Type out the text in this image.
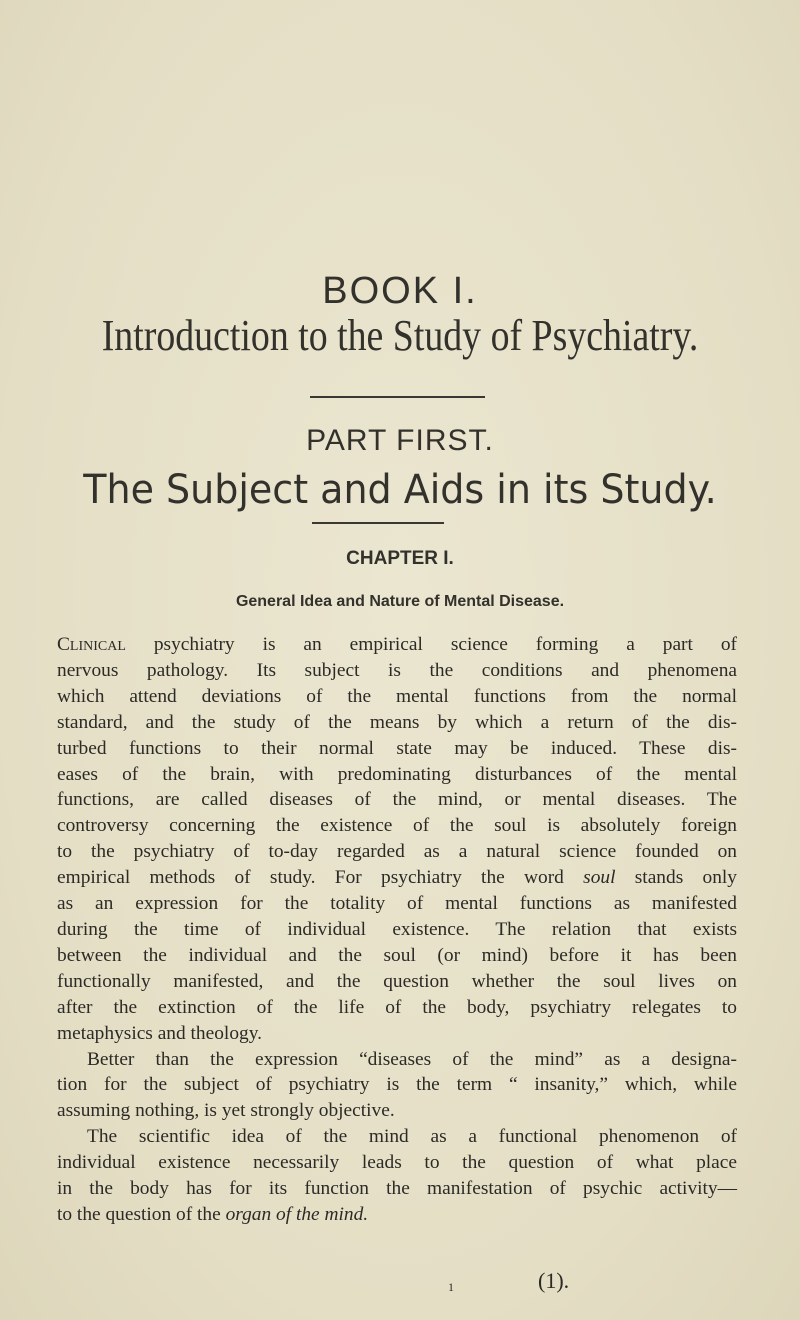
BOOK I.
Introduction to the Study of Psychiatry.
PART FIRST.
The Subject and Aids in its Study.
CHAPTER I.
General Idea and Nature of Mental Disease.
Clinical psychiatry is an empirical science forming a part of
nervous pathology. Its subject is the conditions and phenomena
which attend deviations of the mental functions from the normal
standard, and the study of the means by which a return of the dis-
turbed functions to their normal state may be induced. These dis-
eases of the brain, with predominating disturbances of the mental
functions, are called diseases of the mind, or mental diseases. The
controversy concerning the existence of the soul is absolutely foreign
to the psychiatry of to-day regarded as a natural science founded on
empirical methods of study. For psychiatry the word soul stands only
as an expression for the totality of mental functions as manifested
during the time of individual existence. The relation that exists
between the individual and the soul (or mind) before it has been
functionally manifested, and the question whether the soul lives on
after the extinction of the life of the body, psychiatry relegates to
metaphysics and theology.
Better than the expression “diseases of the mind” as a designa-
tion for the subject of psychiatry is the term “ insanity,” which, while
assuming nothing, is yet strongly objective.
The scientific idea of the mind as a functional phenomenon of
individual existence necessarily leads to the question of what place
in the body has for its function the manifestation of psychic activity—
to the question of the organ of the mind.
1	(1).
